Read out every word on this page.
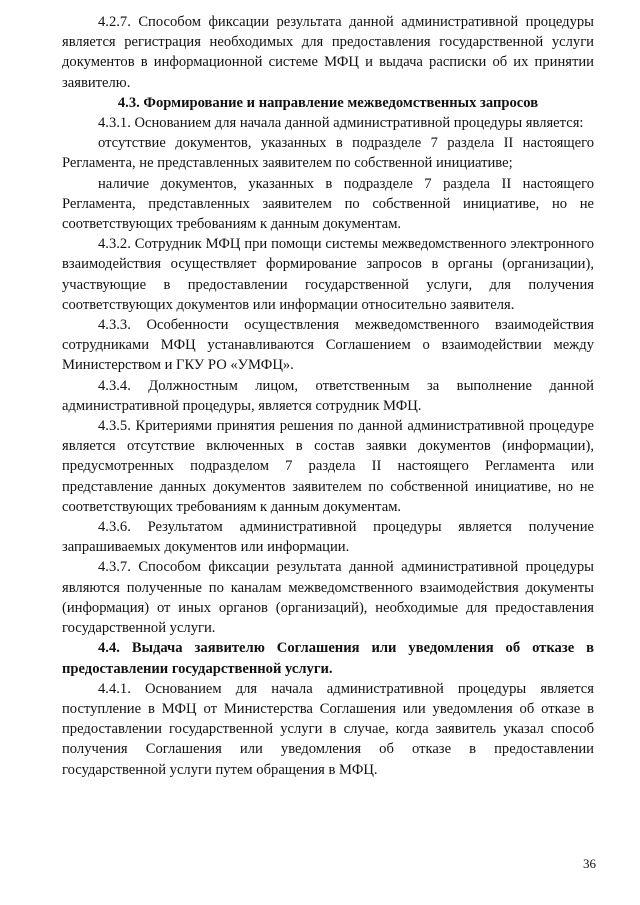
4.2.7. Способом фиксации результата данной административной процедуры является регистрация необходимых для предоставления государственной услуги документов в информационной системе МФЦ и выдача расписки об их принятии заявителю.

4.3. Формирование и направление межведомственных запросов

4.3.1. Основанием для начала данной административной процедуры является:

отсутствие документов, указанных в подразделе 7 раздела II настоящего Регламента, не представленных заявителем по собственной инициативе;

наличие документов, указанных в подразделе 7 раздела II настоящего Регламента, представленных заявителем по собственной инициативе, но не соответствующих требованиям к данным документам.

4.3.2. Сотрудник МФЦ при помощи системы межведомственного электронного взаимодействия осуществляет формирование запросов в органы (организации), участвующие в предоставлении государственной услуги, для получения соответствующих документов или информации относительно заявителя.

4.3.3. Особенности осуществления межведомственного взаимодействия сотрудниками МФЦ устанавливаются Соглашением о взаимодействии между Министерством и ГКУ РО «УМФЦ».

4.3.4. Должностным лицом, ответственным за выполнение данной административной процедуры, является сотрудник МФЦ.

4.3.5. Критериями принятия решения по данной административной процедуре является отсутствие включенных в состав заявки документов (информации), предусмотренных подразделом 7 раздела II настоящего Регламента или представление данных документов заявителем по собственной инициативе, но не соответствующих требованиям к данным документам.

4.3.6. Результатом административной процедуры является получение запрашиваемых документов или информации.

4.3.7. Способом фиксации результата данной административной процедуры являются полученные по каналам межведомственного взаимодействия документы (информация) от иных органов (организаций), необходимые для предоставления государственной услуги.

4.4. Выдача заявителю Соглашения или уведомления об отказе в предоставлении государственной услуги.

4.4.1. Основанием для начала административной процедуры является поступление в МФЦ от Министерства Соглашения или уведомления об отказе в предоставлении государственной услуги в случае, когда заявитель указал способ получения Соглашения или уведомления об отказе в предоставлении государственной услуги путем обращения в МФЦ.

36
